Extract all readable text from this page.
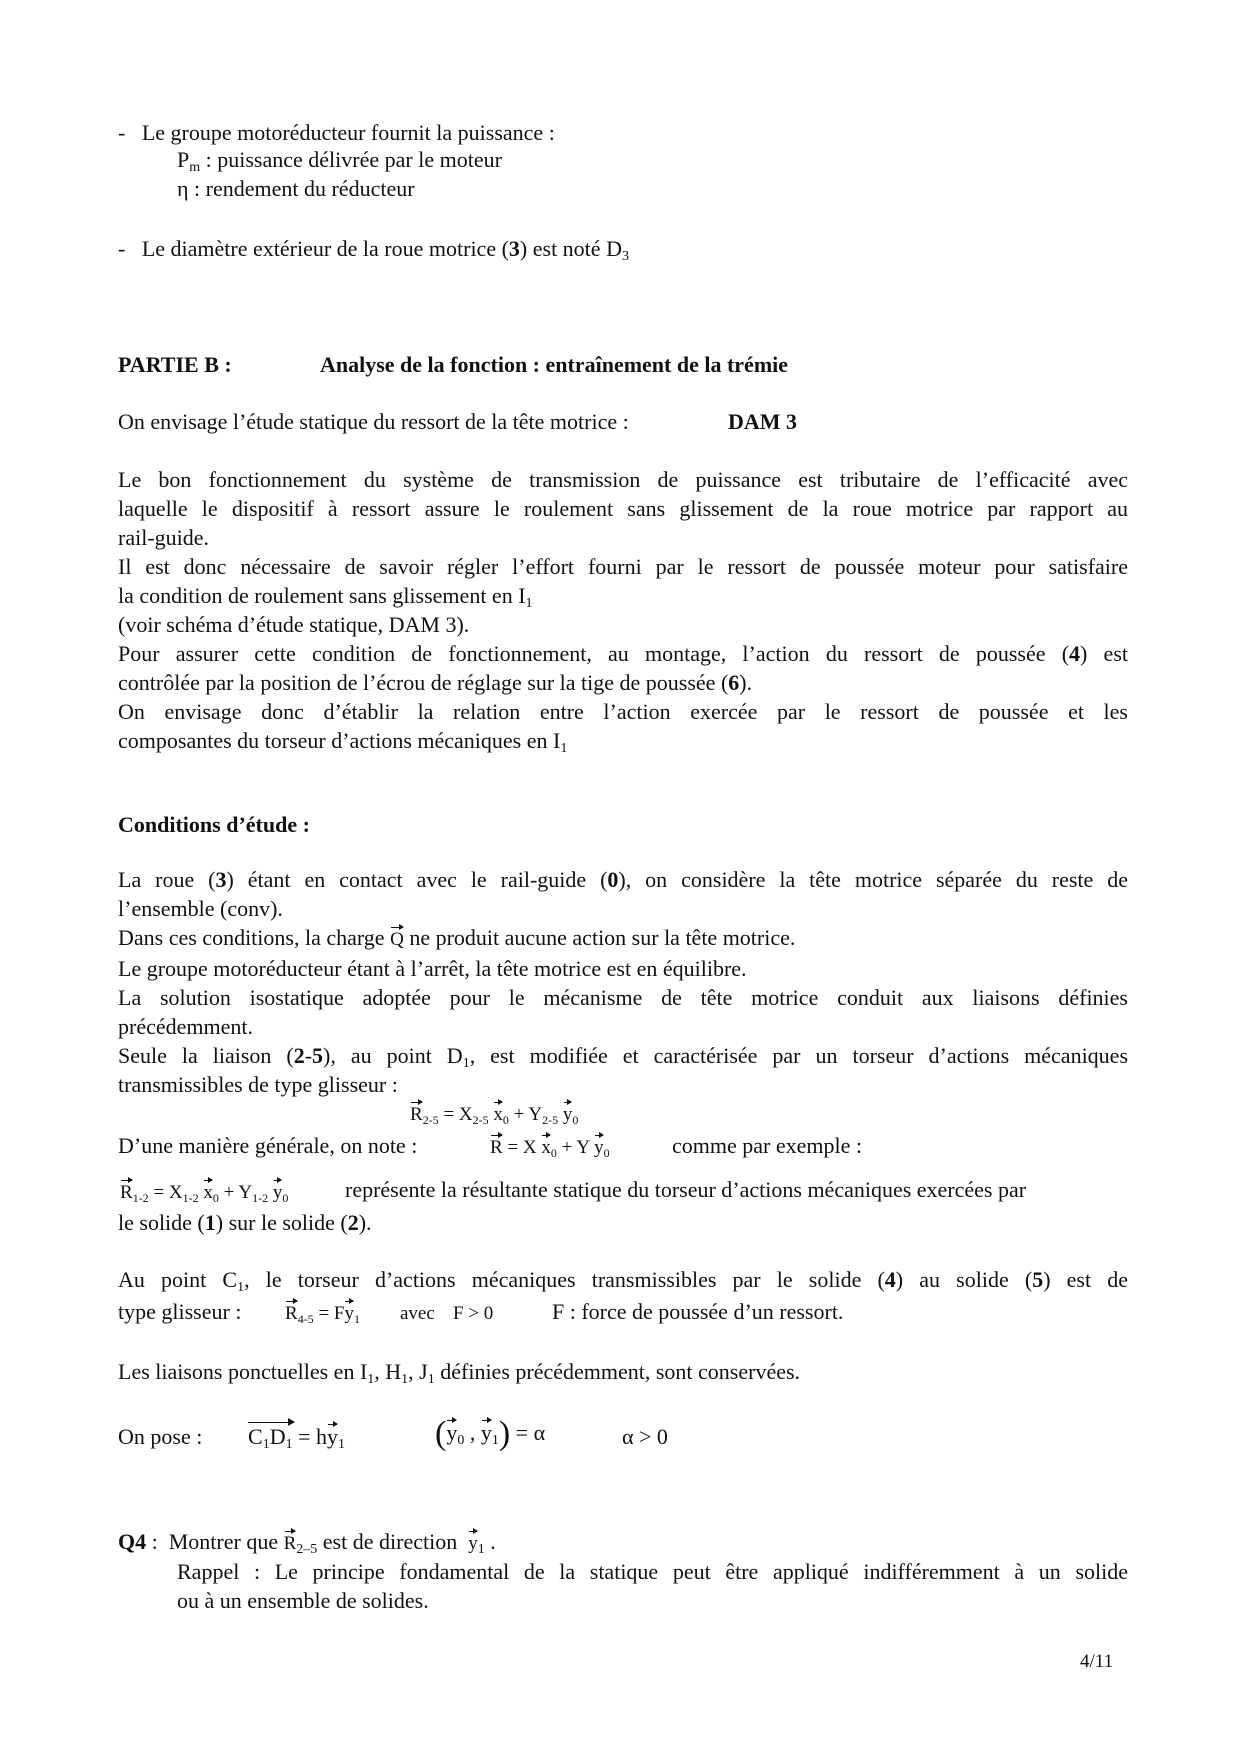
-   Le groupe motoréducteur fournit la puissance :
$P_m$ : puissance délivrée par le moteur
η : rendement du réducteur
-   Le diamètre extérieur de la roue motrice (3) est noté $D_3$
PARTIE B :	Analyse de la fonction : entraînement de la trémie
On envisage l’étude statique du ressort de la tête motrice :	DAM 3
Le bon fonctionnement du système de transmission de puissance est tributaire de l’efficacité avec
laquelle le dispositif à ressort assure le roulement sans glissement de la roue motrice par rapport au
rail-guide.
Il est donc nécessaire de savoir régler l’effort fourni par le ressort de poussée moteur pour satisfaire
la condition de roulement sans glissement en $I_1$
(voir schéma d’étude statique, DAM 3).
Pour assurer cette condition de fonctionnement, au montage, l’action du ressort de poussée (4) est
contrôlée par la position de l’écrou de réglage sur la tige de poussée (6).
On envisage donc d’établir la relation entre l’action exercée par le ressort de poussée et les
composantes du torseur d’actions mécaniques en $I_1$
Conditions d’étude :
La roue (3) étant en contact avec le rail-guide (0), on considère la tête motrice séparée du reste de
l’ensemble (conv).
Dans ces conditions, la charge Q ne produit aucune action sur la tête motrice.
Le groupe motoréducteur étant à l’arrêt, la tête motrice est en équilibre.
La solution isostatique adoptée pour le mécanisme de tête motrice conduit aux liaisons définies
précédemment.
Seule la liaison (2-5), au point $D_1$, est modifiée et caractérisée par un torseur d’actions mécaniques
transmissibles de type glisseur :
$R_{2-5} = X_{2-5}$ $x_0 + Y_{2-5}$ $y_0$
D’une manière générale, on note :	R = X $x_0 + Y$ $y_0$	comme par exemple :
$R_{1-2} = X_{1-2}$ $x_0 + Y_{1-2}$ $y_0$	représente la résultante statique du torseur d’actions mécaniques exercées par
le solide (1) sur le solide (2).
Au point $C_1$, le torseur d’actions mécaniques transmissibles par le solide (4) au solide (5) est de
type glisseur : $R_{4-5} = Fy_1$ avec F > 0	F : force de poussée d’un ressort.
Les liaisons ponctuelles en $I_1$, $H_1$, $J_1$ définies précédemment, sont conservées.
On pose : $C_1D_1 = hy_1$	($y_0$ , $y_1) = \alpha$	α > 0
Q4 : Montrer que $R_{2-5}$ est de direction $y_1$ .
Rappel : Le principe fondamental de la statique peut être appliqué indifféremment à un solide
ou à un ensemble de solides.
4/11
